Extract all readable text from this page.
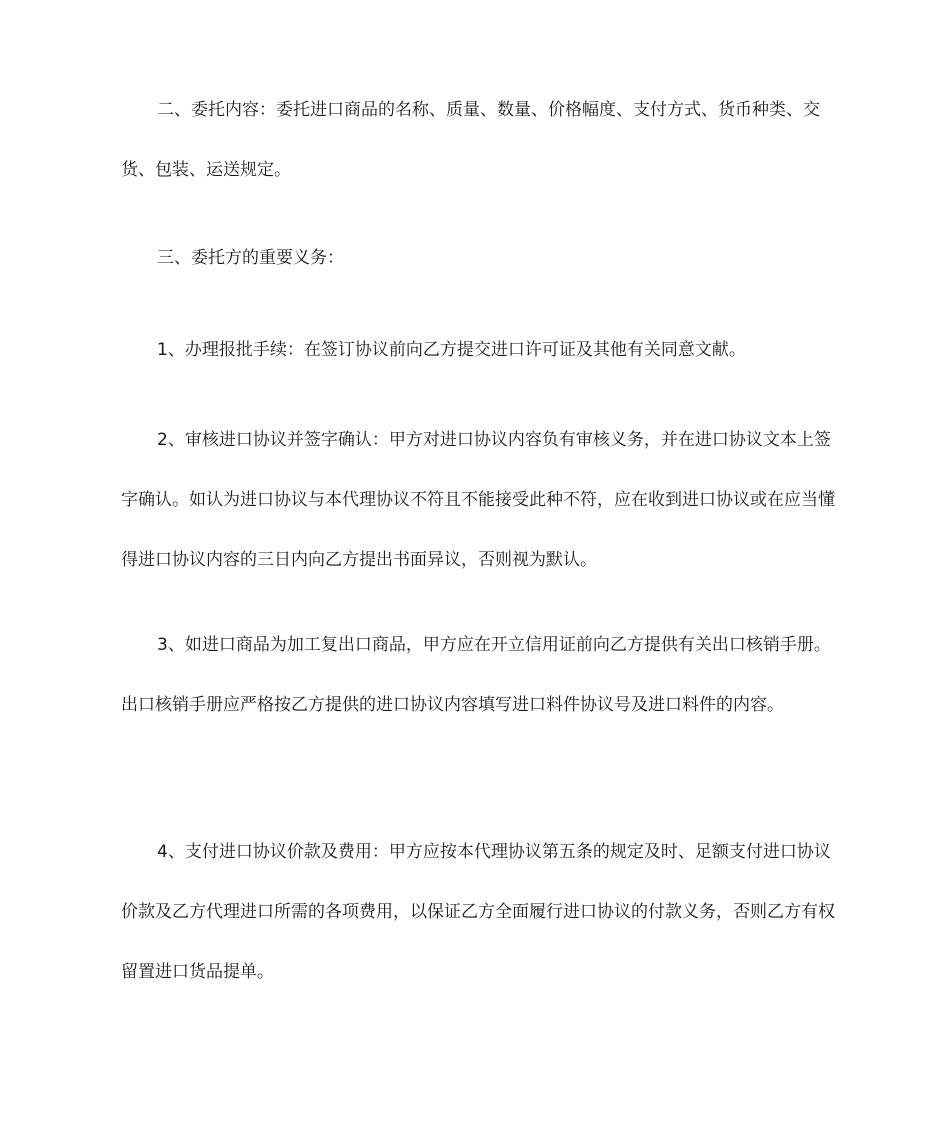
二、委托内容：委托进口商品的名称、质量、数量、价格幅度、支付方式、货币种类、交货、包装、运送规定。

三、委托方的重要义务：

1、办理报批手续：在签订协议前向乙方提交进口许可证及其他有关同意文献。

2、审核进口协议并签字确认：甲方对进口协议内容负有审核义务，并在进口协议文本上签字确认。如认为进口协议与本代理协议不符且不能接受此种不符，应在收到进口协议或在应当懂得进口协议内容的三日内向乙方提出书面异议，否则视为默认。

3、如进口商品为加工复出口商品，甲方应在开立信用证前向乙方提供有关出口核销手册。出口核销手册应严格按乙方提供的进口协议内容填写进口料件协议号及进口料件的内容。

4、支付进口协议价款及费用：甲方应按本代理协议第五条的规定及时、足额支付进口协议价款及乙方代理进口所需的各项费用，以保证乙方全面履行进口协议的付款义务，否则乙方有权留置进口货品提单。
